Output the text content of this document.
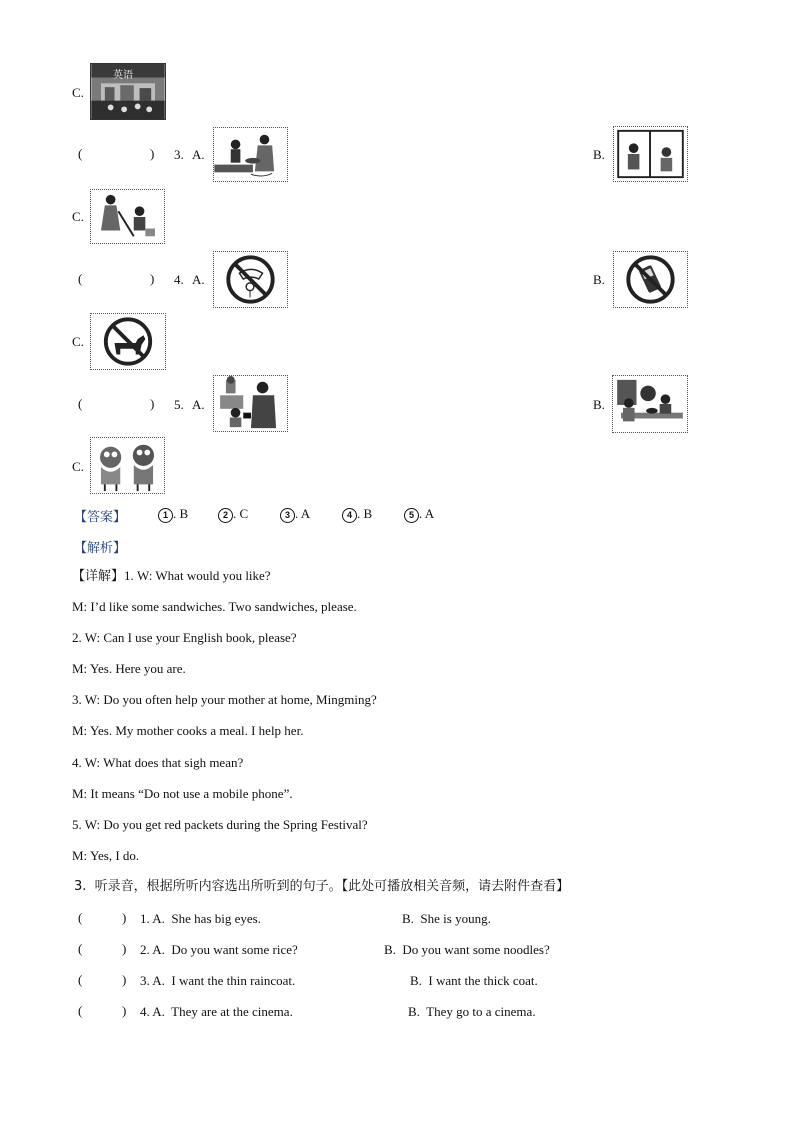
C.
英语
(	) 3. A.	B.
C.
(	) 4. A.	B.
C.
(	) 5. A.	B.
C.
【答案】	1 . B	2 . C	3 . A	4 . B	5 . A
【解析】
【详解】1. W: What would you like?
M: I’d like some sandwiches. Two sandwiches, please.
2. W: Can I use your English book, please?
M: Yes. Here you are.
3. W: Do you often help your mother at home, Mingming?
M: Yes. My mother cooks a meal. I help her.
4. W: What does that sigh mean?
M: It means “Do not use a mobile phone”.
5. W: Do you get red packets during the Spring Festival?
M: Yes, I do.
3.  听录音，根据所听内容选出所听到的句子。【此处可播放相关音频，请去附件查看】
(	) 1. A.  She has big eyes.	B.  She is young.
(	) 2. A.  Do you want some rice?	B.  Do you want some noodles?
(	) 3. A.  I want the thin raincoat.	B.  I want the thick coat.
(	) 4. A.  They are at the cinema.	B.  They go to a cinema.
